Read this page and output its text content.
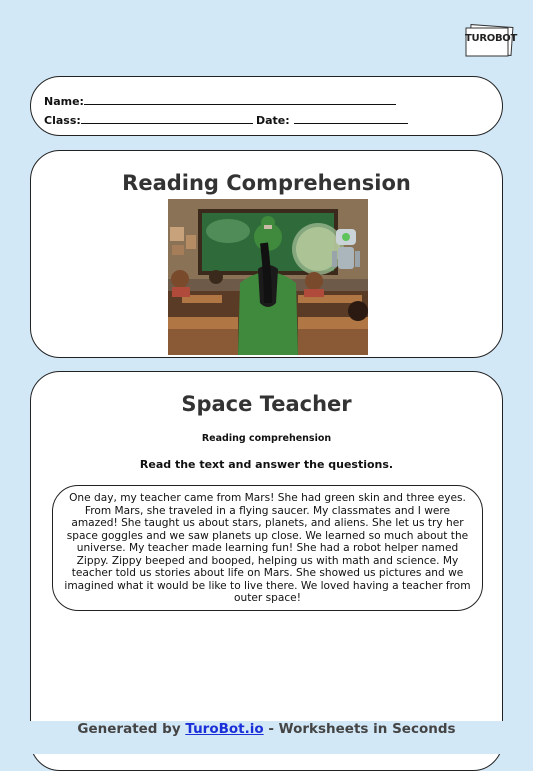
TUROBOT
Name:
Class:	Date:
Reading Comprehension
Space Teacher
Reading comprehension
Read the text and answer the questions.
One day, my teacher came from Mars! She had green skin and three eyes. From Mars, she traveled in a flying saucer. My classmates and I were amazed! She taught us about stars, planets, and aliens. She let us try her space goggles and we saw planets up close. We learned so much about the universe. My teacher made learning fun! She had a robot helper named Zippy. Zippy beeped and booped, helping us with math and science. My teacher told us stories about life on Mars. She showed us pictures and we imagined what it would be like to live there. We loved having a teacher from outer space!
Generated by TuroBot.io - Worksheets in Seconds
